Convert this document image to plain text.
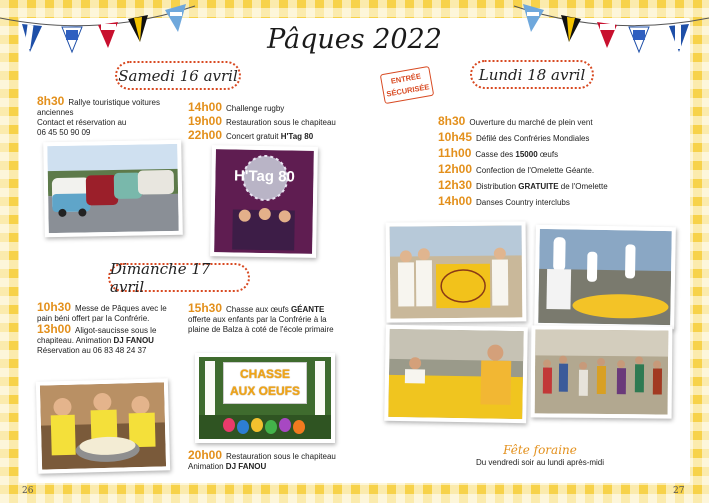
Pâques 2022
Samedi 16 avril
8h30 Rallye touristique voitures anciennes
Contact et réservation au
06 45 50 90 09
14h00 Challenge rugby
19h00 Restauration sous le chapiteau
22h00 Concert gratuit H'Tag 80
H'Tag 80
Dimanche 17 avril
10h30 Messe de Pâques avec le pain béni offert par la Confrérie.
13h00 Aligot-saucisse sous le chapiteau. Animation DJ FANOU
Réservation au 06 83 48 24 37
15h30 Chasse aux œufs GÉANTE offerte aux enfants par la Confrérie à la plaine de Balza à coté de l'école primaire
CHASSE
AUX OEUFS
20h00 Restauration sous le chapiteau Animation DJ FANOU
ENTRÉE
SÉCURISÉE
Lundi 18 avril
8h30 Ouverture du marché de plein vent
10h45 Défilé des Confréries Mondiales
11h00 Casse des 15000 œufs
12h00 Confection de l'Omelette Géante.
12h30 Distribution GRATUITE de l'Omelette
14h00 Danses Country interclubs
Fête foraine
Du vendredi soir au lundi après-midi
26	27
